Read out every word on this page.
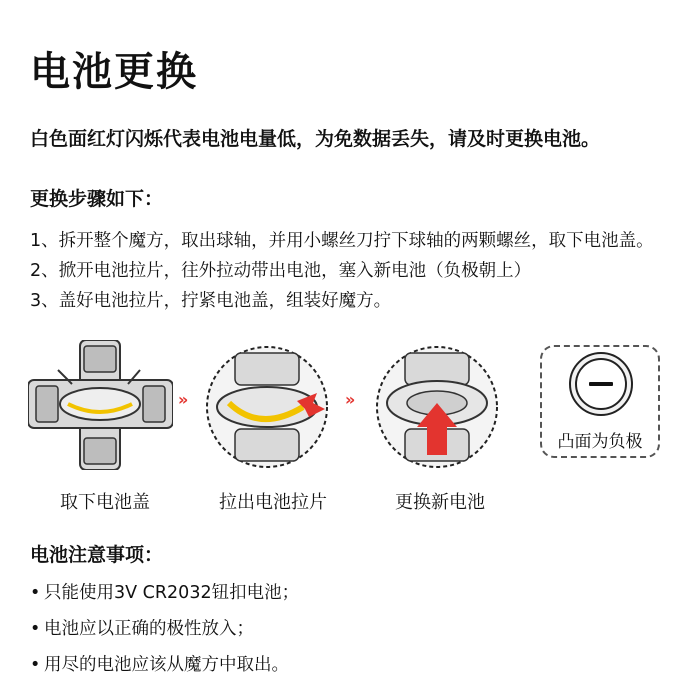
电池更换

白色面红灯闪烁代表电池电量低，为免数据丢失，请及时更换电池。

更换步骤如下：
1、拆开整个魔方，取出球轴，并用小螺丝刀拧下球轴的两颗螺丝，取下电池盖。
2、掀开电池拉片，往外拉动带出电池，塞入新电池（负极朝上）
3、盖好电池拉片，拧紧电池盖，组装好魔方。
»	»
凸面为负极
取下电池盖	拉出电池拉片	更换新电池
电池注意事项：
• 只能使用3V CR2032钮扣电池；
• 电池应以正确的极性放入；
• 用尽的电池应该从魔方中取出。
